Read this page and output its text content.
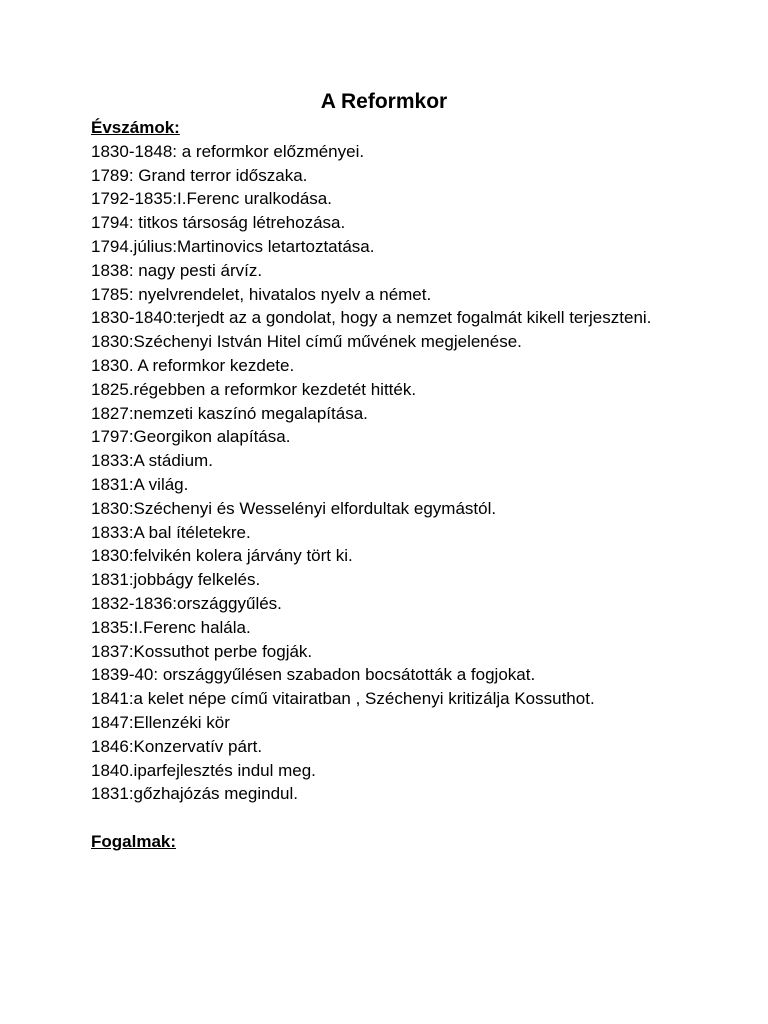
A Reformkor

Évszámok:

1830-1848: a reformkor előzményei.

1789: Grand terror időszaka.

1792-1835:I.Ferenc uralkodása.

1794: titkos társoság létrehozása.

1794.július:Martinovics letartoztatása.

1838: nagy pesti árvíz.

1785: nyelvrendelet, hivatalos nyelv a német.

1830-1840:terjedt az a gondolat, hogy a nemzet fogalmát kikell terjeszteni.

1830:Széchenyi István Hitel című művének megjelenése.

1830. A reformkor kezdete.

1825.régebben a reformkor kezdetét hitték.

1827:nemzeti kaszínó megalapítása.

1797:Georgikon alapítása.

1833:A stádium.

1831:A világ.

1830:Széchenyi és Wesselényi elfordultak egymástól.

1833:A bal ítéletekre.

1830:felvikén kolera járvány tört ki.

1831:jobbágy felkelés.

1832-1836:országgyűlés.

1835:I.Ferenc halála.

1837:Kossuthot perbe fogják.

1839-40: országgyűlésen szabadon bocsátották a fogjokat.

1841:a kelet népe című vitairatban , Széchenyi kritizálja Kossuthot.

1847:Ellenzéki kör

1846:Konzervatív párt.

1840.iparfejlesztés indul meg.

1831:gőzhajózás megindul.

Fogalmak:
